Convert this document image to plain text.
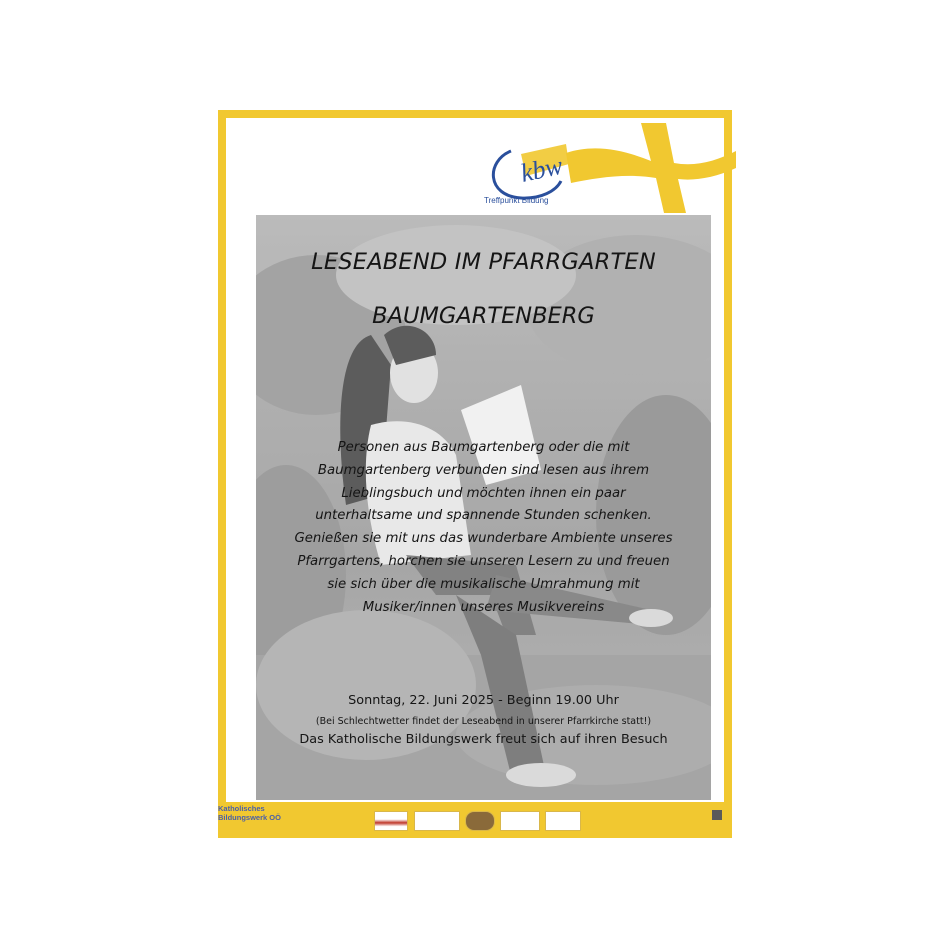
kbw
Treffpunkt Bildung
LESEABEND IM PFARRGARTEN
BAUMGARTENBERG
Personen aus Baumgartenberg oder die mit
Baumgartenberg verbunden sind lesen aus ihrem
Lieblingsbuch und möchten ihnen ein paar
unterhaltsame und spannende Stunden schenken.
Genießen sie mit uns das wunderbare Ambiente unseres
Pfarrgartens, horchen sie unseren Lesern zu und freuen
sie sich über die musikalische Umrahmung mit
Musiker/innen unseres Musikvereins
Sonntag, 22. Juni 2025 - Beginn 19.00 Uhr
(Bei Schlechtwetter findet der Leseabend in unserer Pfarrkirche statt!)
Das Katholische Bildungswerk freut sich auf ihren Besuch
Katholisches
Bildungswerk OÖ
